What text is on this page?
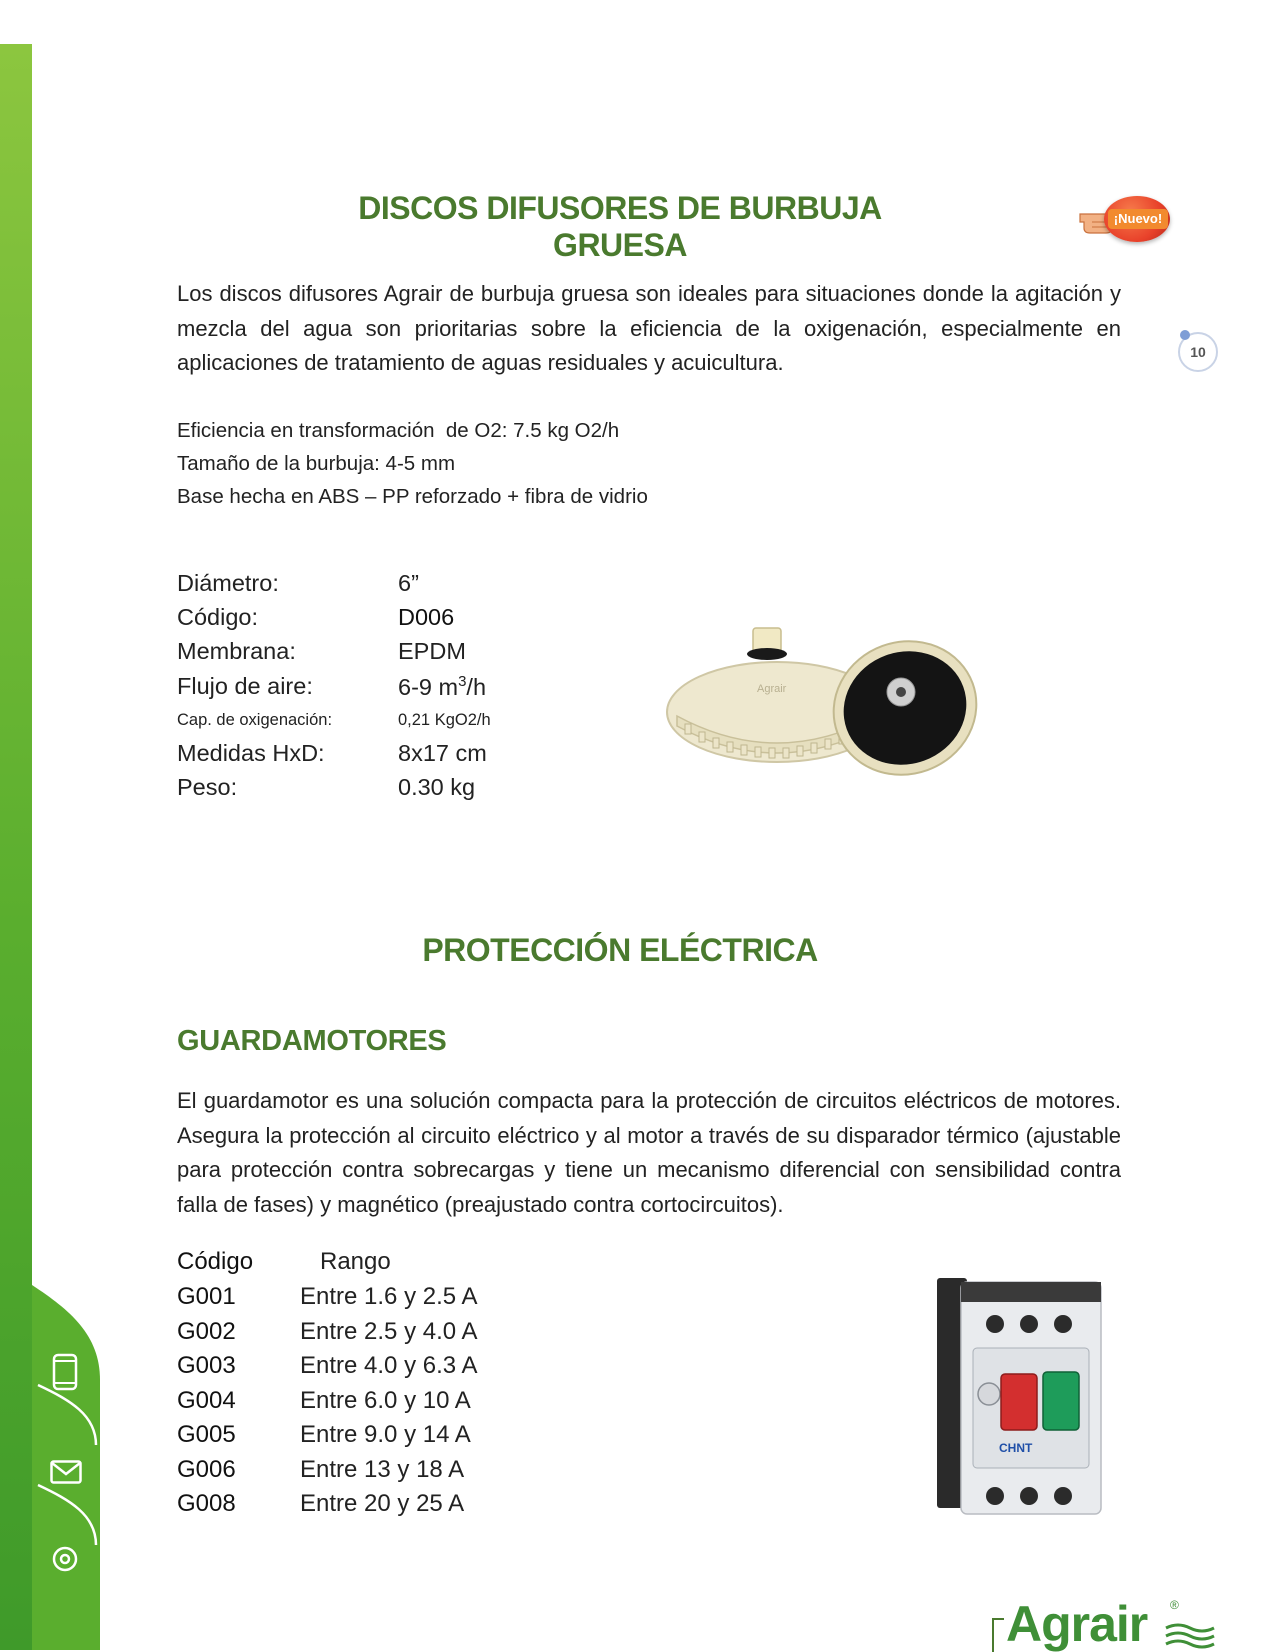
DISCOS DIFUSORES DE BURBUJA GRUESA
¡Nuevo!
10
Los discos difusores Agrair de burbuja gruesa son ideales para situaciones donde la agitación y mezcla del agua son prioritarias sobre la eficiencia de la oxigenación, especialmente en aplicaciones de tratamiento de aguas residuales y acuicultura.
Eficiencia en transformación  de O2: 7.5 kg O2/h
Tamaño de la burbuja: 4-5 mm
Base hecha en ABS – PP reforzado + fibra de vidrio
Diámetro:	6”
Código:	D006
Membrana:	EPDM
Flujo de aire:	6-9 $m^3/h$
Cap. de oxigenación:	0,21 KgO2/h
Medidas HxD:	8x17 cm
Peso:	0.30 kg
Agrair
PROTECCIÓN ELÉCTRICA
GUARDAMOTORES
El guardamotor es una solución compacta para la protección de circuitos eléctricos de motores. Asegura la protección al circuito eléctrico y al motor a través de su disparador térmico (ajustable para protección contra sobrecargas y tiene un mecanismo diferencial con sensibilidad contra falla de fases) y magnético (preajustado contra cortocircuitos).
Código	Rango
G001	Entre 1.6 y 2.5 A
G002	Entre 2.5 y 4.0 A
G003	Entre 4.0 y 6.3 A
G004	Entre 6.0 y 10 A
G005	Entre 9.0 y 14 A
G006	Entre 13 y 18 A
G008	Entre 20 y 25 A
CHNT
Agrair ®
